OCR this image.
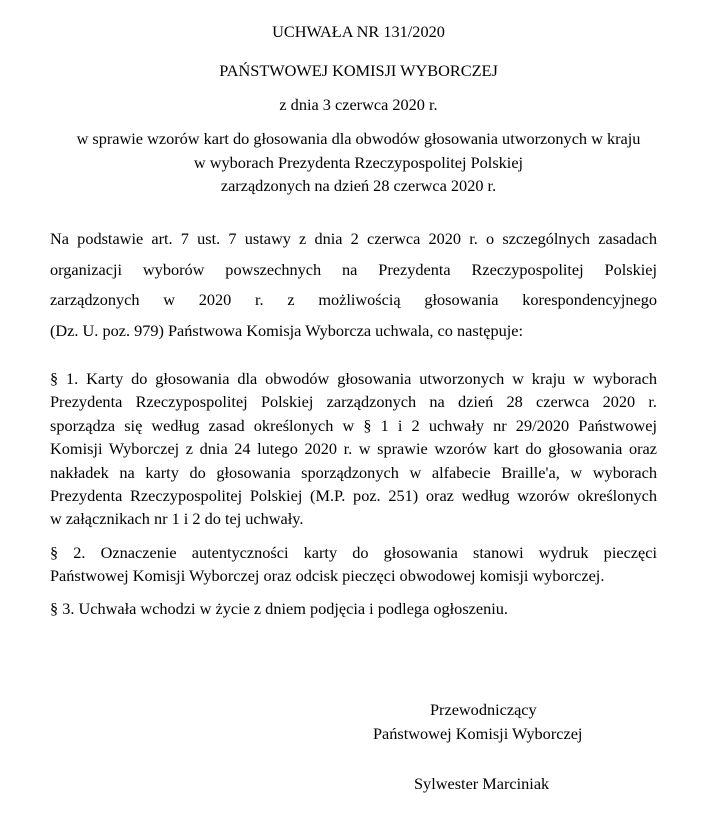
UCHWAŁA NR 131/2020
PAŃSTWOWEJ KOMISJI WYBORCZEJ
z dnia 3 czerwca 2020 r.
w sprawie wzorów kart do głosowania dla obwodów głosowania utworzonych w kraju
w wyborach Prezydenta Rzeczypospolitej Polskiej
zarządzonych na dzień 28 czerwca 2020 r.
Na podstawie art. 7 ust. 7 ustawy z dnia 2 czerwca 2020 r. o szczególnych zasadach
organizacji wyborów powszechnych na Prezydenta Rzeczypospolitej Polskiej
zarządzonych w 2020 r. z możliwością głosowania korespondencyjnego
(Dz. U. poz. 979) Państwowa Komisja Wyborcza uchwala, co następuje:
§ 1. Karty do głosowania dla obwodów głosowania utworzonych w kraju w wyborach
Prezydenta Rzeczypospolitej Polskiej zarządzonych na dzień 28 czerwca 2020 r.
sporządza się według zasad określonych w § 1 i 2 uchwały nr 29/2020 Państwowej
Komisji Wyborczej z dnia 24 lutego 2020 r. w sprawie wzorów kart do głosowania oraz
nakładek na karty do głosowania sporządzonych w alfabecie Braille'a, w wyborach
Prezydenta Rzeczypospolitej Polskiej (M.P. poz. 251) oraz według wzorów określonych
w załącznikach nr 1 i 2 do tej uchwały.
§ 2. Oznaczenie autentyczności karty do głosowania stanowi wydruk pieczęci
Państwowej Komisji Wyborczej oraz odcisk pieczęci obwodowej komisji wyborczej.
§ 3. Uchwała wchodzi w życie z dniem podjęcia i podlega ogłoszeniu.
Przewodniczący
Państwowej Komisji Wyborczej
Sylwester Marciniak
